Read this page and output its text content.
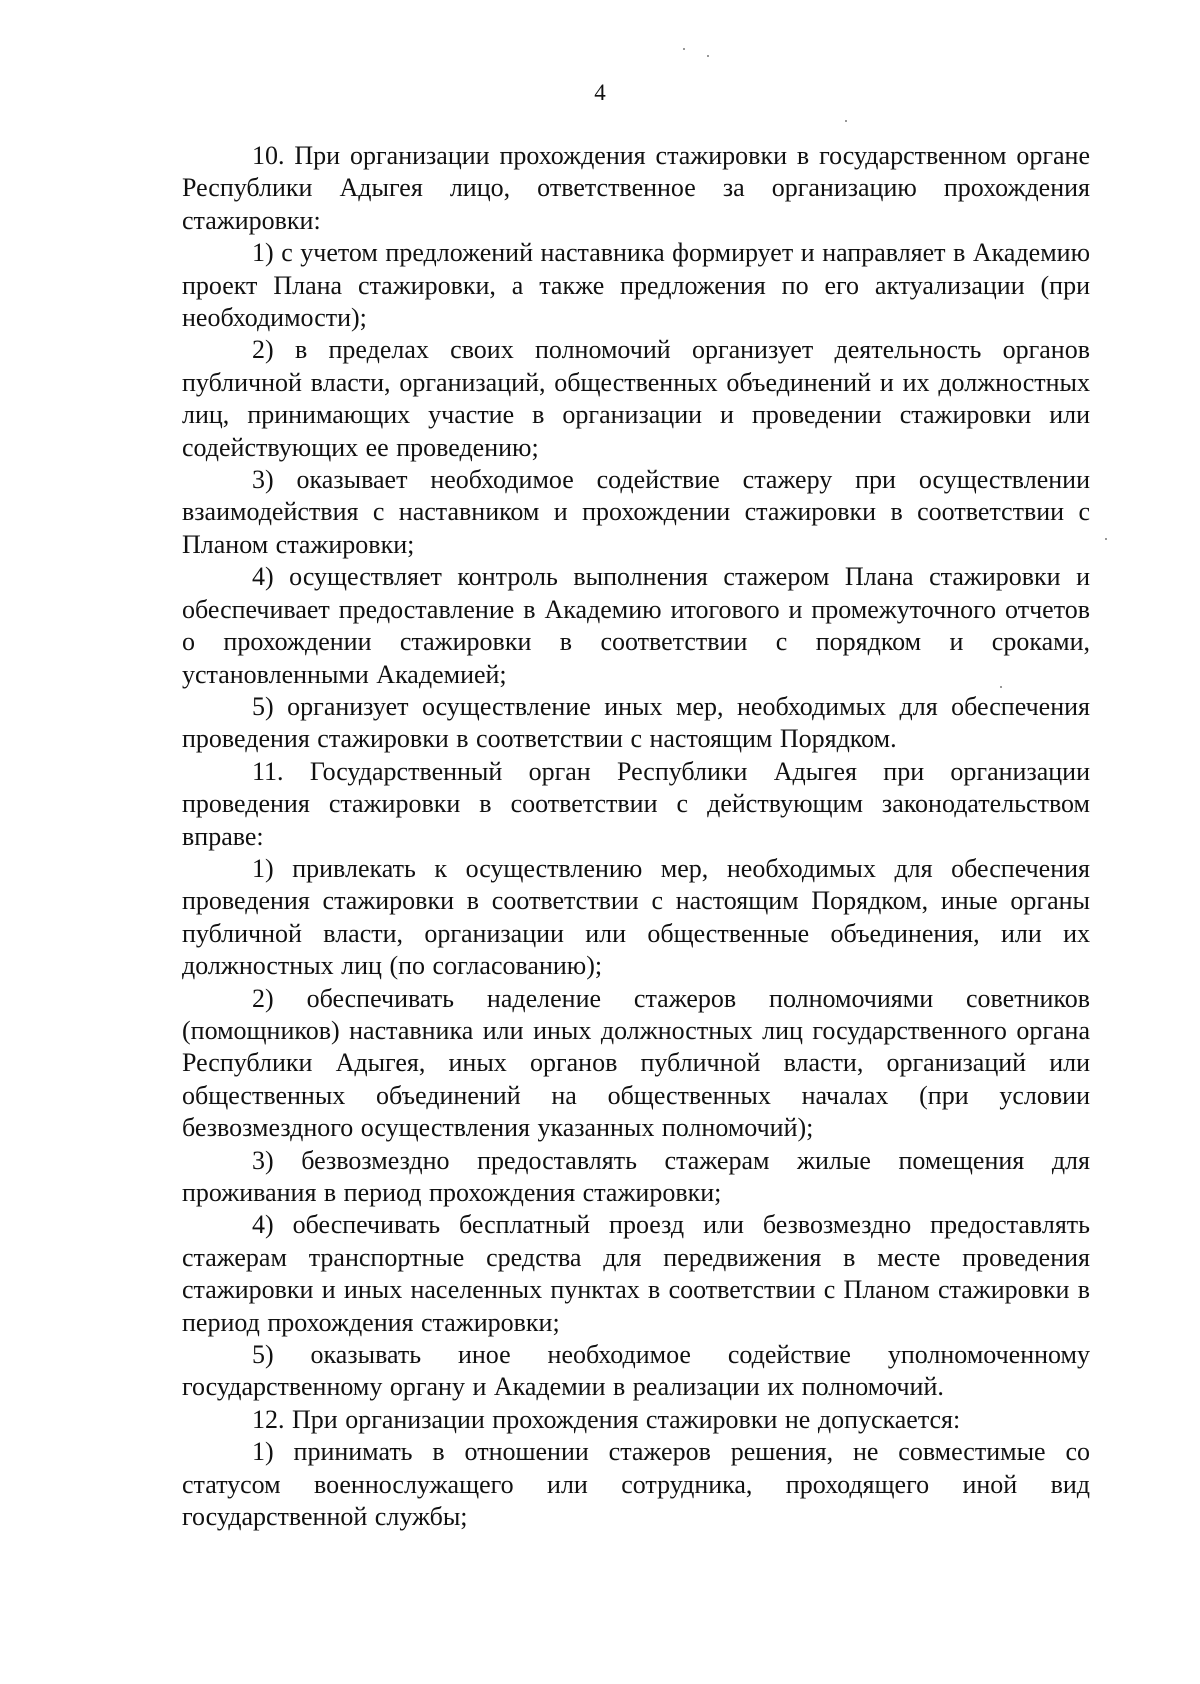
4

10. При организации прохождения стажировки в государственном органе Республики Адыгея лицо, ответственное за организацию прохождения стажировки:

1) с учетом предложений наставника формирует и направляет в Академию проект Плана стажировки, а также предложения по его актуализации (при необходимости);

2) в пределах своих полномочий организует деятельность органов публичной власти, организаций, общественных объединений и их должностных лиц, принимающих участие в организации и проведении стажировки или содействующих ее проведению;

3) оказывает необходимое содействие стажеру при осуществлении взаимодействия с наставником и прохождении стажировки в соответствии с Планом стажировки;

4) осуществляет контроль выполнения стажером Плана стажировки и обеспечивает предоставление в Академию итогового и промежуточного отчетов о прохождении стажировки в соответствии с порядком и сроками, установленными Академией;

5) организует осуществление иных мер, необходимых для обеспечения проведения стажировки в соответствии с настоящим Порядком.

11. Государственный орган Республики Адыгея при организации проведения стажировки в соответствии с действующим законодательством вправе:

1) привлекать к осуществлению мер, необходимых для обеспечения проведения стажировки в соответствии с настоящим Порядком, иные органы публичной власти, организации или общественные объединения, или их должностных лиц (по согласованию);

2) обеспечивать наделение стажеров полномочиями советников (помощников) наставника или иных должностных лиц государственного органа Республики Адыгея, иных органов публичной власти, организаций или общественных объединений на общественных началах (при условии безвозмездного осуществления указанных полномочий);

3) безвозмездно предоставлять стажерам жилые помещения для проживания в период прохождения стажировки;

4) обеспечивать бесплатный проезд или безвозмездно предоставлять стажерам транспортные средства для передвижения в месте проведения стажировки и иных населенных пунктах в соответствии с Планом стажировки в период прохождения стажировки;

5) оказывать иное необходимое содействие уполномоченному государственному органу и Академии в реализации их полномочий.

12. При организации прохождения стажировки не допускается:

1) принимать в отношении стажеров решения, не совместимые со статусом военнослужащего или сотрудника, проходящего иной вид государственной службы;
